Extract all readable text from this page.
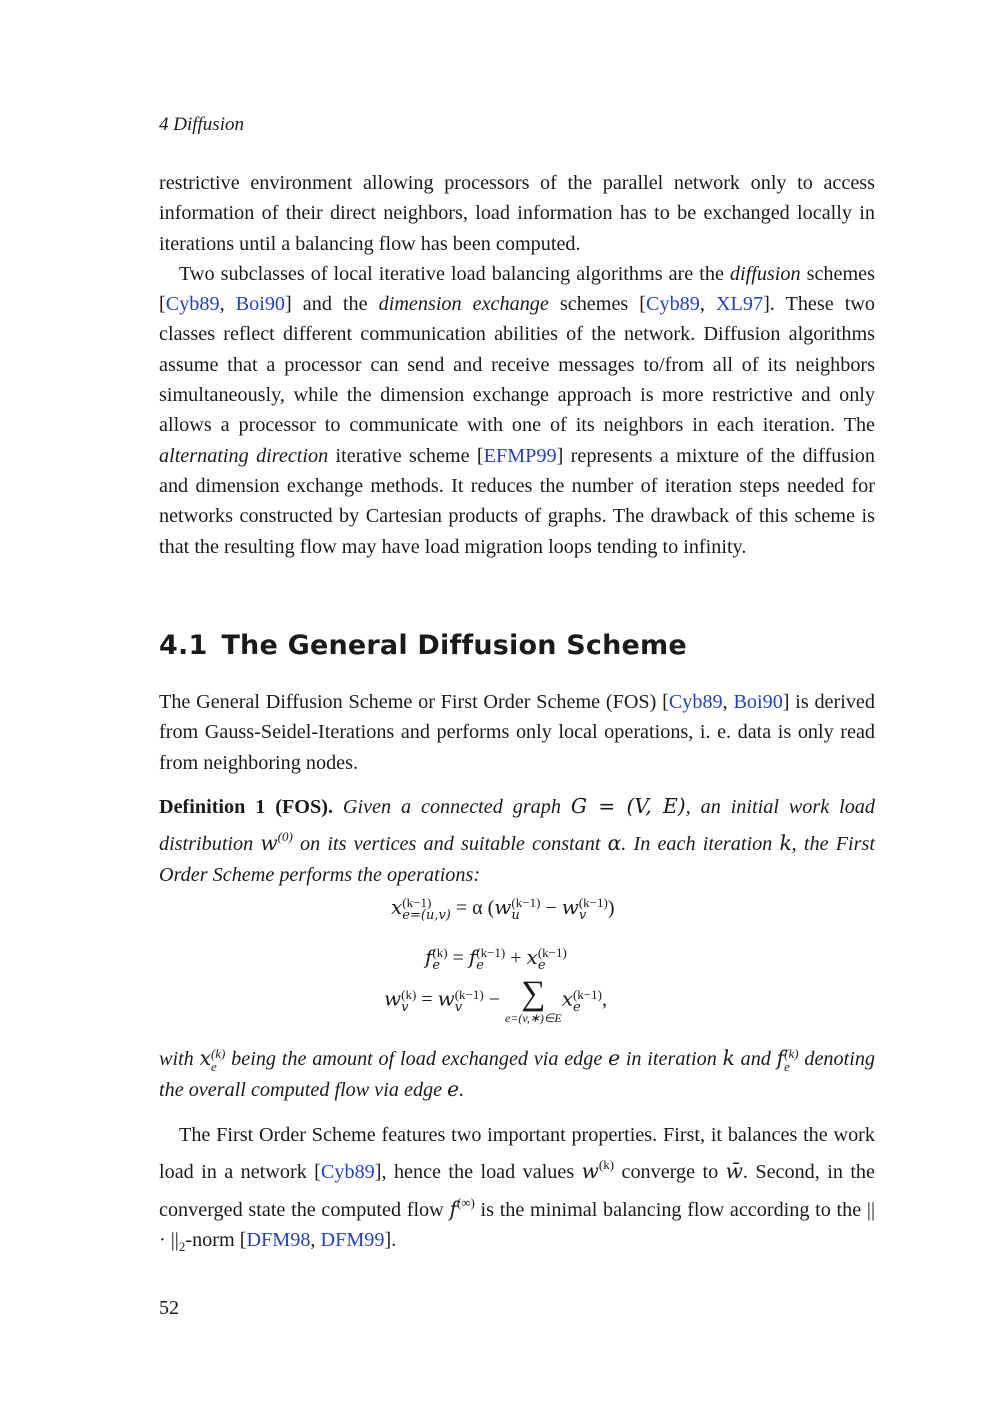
4 Diffusion

restrictive environment allowing processors of the parallel network only to access information of their direct neighbors, load information has to be exchanged locally in iterations until a balancing flow has been computed.

Two subclasses of local iterative load balancing algorithms are the diffusion schemes [Cyb89, Boi90] and the dimension exchange schemes [Cyb89, XL97]. These two classes reflect different communication abilities of the network. Diffusion algorithms assume that a processor can send and receive messages to/from all of its neighbors simultaneously, while the dimension exchange approach is more restrictive and only allows a processor to communicate with one of its neighbors in each iteration. The alternating direction iterative scheme [EFMP99] represents a mixture of the diffusion and dimension exchange methods. It reduces the number of iteration steps needed for networks constructed by Cartesian products of graphs. The drawback of this scheme is that the resulting flow may have load migration loops tending to infinity.

4.1 The General Diffusion Scheme

The General Diffusion Scheme or First Order Scheme (FOS) [Cyb89, Boi90] is derived from Gauss-Seidel-Iterations and performs only local operations, i. e. data is only read from neighboring nodes.

Definition 1 (FOS). Given a connected graph G = (V, E), an initial work load distribution $w^{(0)}$ on its vertices and suitable constant α. In each iteration k, the First Order Scheme performs the operations:

x (k−1)
e=(u,v) = α (w (k−1)
u	− w (k−1)
v	)
f (k)
e = f (k−1)
e	+ x (k−1)
e
w (k)
v = w (k−1)
v	− ∑
e=(v,∗)∈E
x (k−1)
e	,

with x (k)
e being the amount of load exchanged via edge e in iteration k and f (k)
e denoting the overall computed flow via edge e.

The First Order Scheme features two important properties. First, it balances the work load in a network [Cyb89], hence the load values $w^{(k)}$ converge to w̄. Second, in the converged state the computed flow f(∞) is the minimal balancing flow according to the || · $||_2$-norm [DFM98, DFM99].

52
